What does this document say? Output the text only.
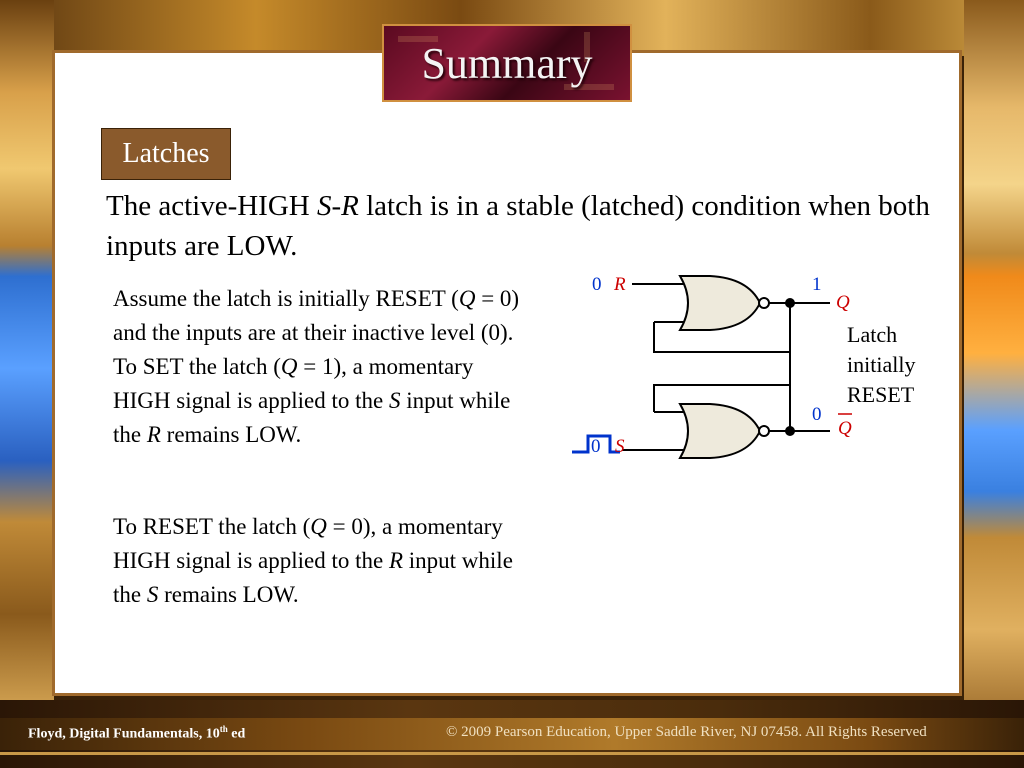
Summary
Latches
The active-HIGH S-R latch is in a stable (latched) condition when both inputs are LOW.
Assume the latch is initially RESET (Q = 0) and the inputs are at their inactive level (0). To SET the latch (Q = 1), a momentary HIGH signal is applied to the S input while the R remains LOW.
To RESET the latch (Q = 0), a momentary HIGH signal is applied to the R input while the S remains LOW.
Latch initially RESET
0 R
0 S
1
Q
0
Q
Floyd, Digital Fundamentals, 10th ed	© 2009 Pearson Education, Upper Saddle River, NJ 07458. All Rights Reserved
